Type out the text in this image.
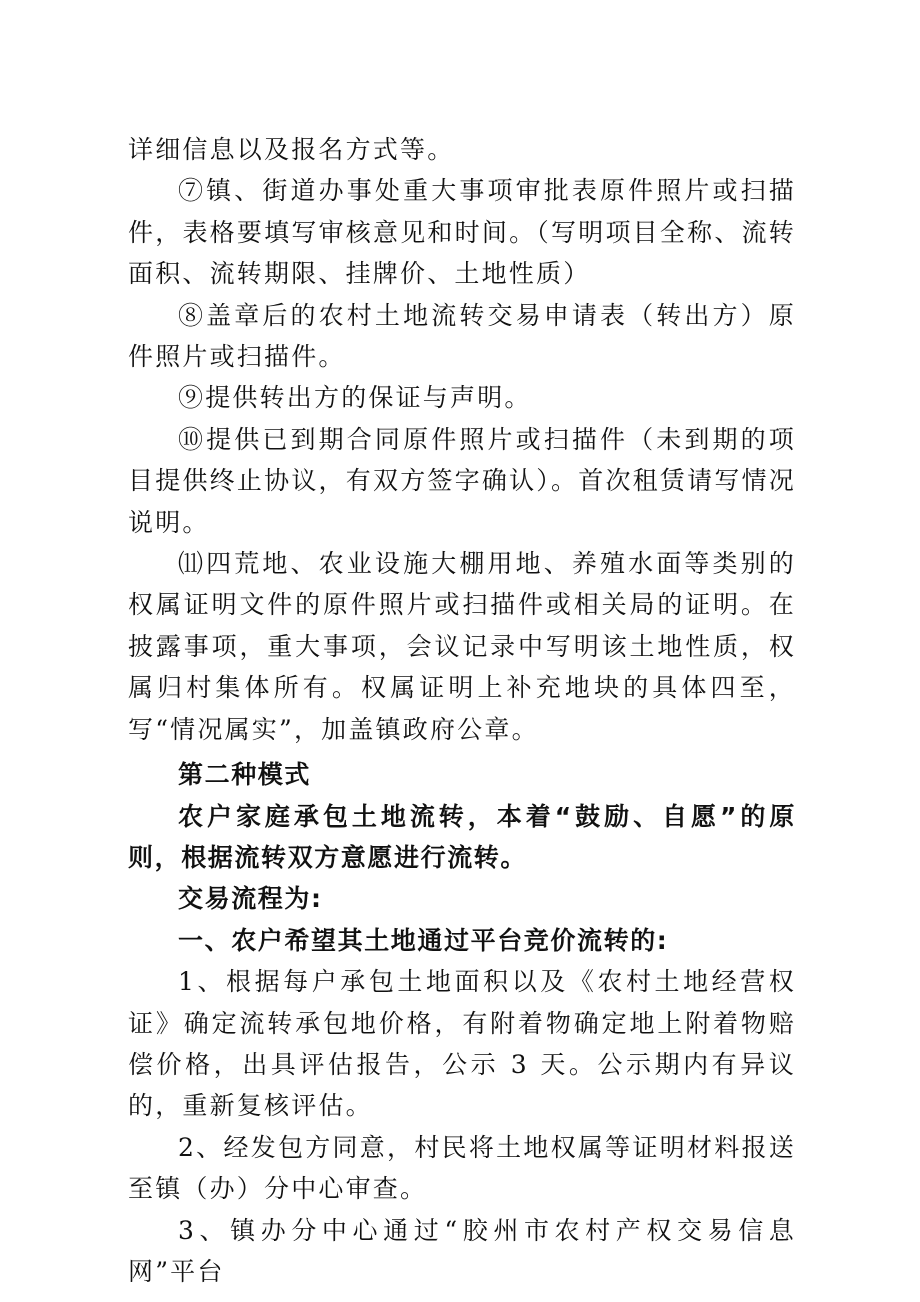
详细信息以及报名方式等。

⑦镇、街道办事处重大事项审批表原件照片或扫描件，表格要填写审核意见和时间。（写明项目全称、流转面积、流转期限、挂牌价、土地性质）

⑧盖章后的农村土地流转交易申请表（转出方）原件照片或扫描件。

⑨提供转出方的保证与声明。

⑩提供已到期合同原件照片或扫描件（未到期的项目提供终止协议，有双方签字确认）。首次租赁请写情况说明。

⑾四荒地、农业设施大棚用地、养殖水面等类别的权属证明文件的原件照片或扫描件或相关局的证明。在披露事项，重大事项，会议记录中写明该土地性质，权属归村集体所有。权属证明上补充地块的具体四至，写“情况属实”，加盖镇政府公章。

第二种模式

农户家庭承包土地流转，本着“鼓励、自愿”的原则，根据流转双方意愿进行流转。

交易流程为:

一、农户希望其土地通过平台竞价流转的:

1、根据每户承包土地面积以及《农村土地经营权证》确定流转承包地价格，有附着物确定地上附着物赔偿价格，出具评估报告，公示 3 天。公示期内有异议的，重新复核评估。

2、经发包方同意，村民将土地权属等证明材料报送至镇（办）分中心审查。

3、镇办分中心通过“胶州市农村产权交易信息网”平台
